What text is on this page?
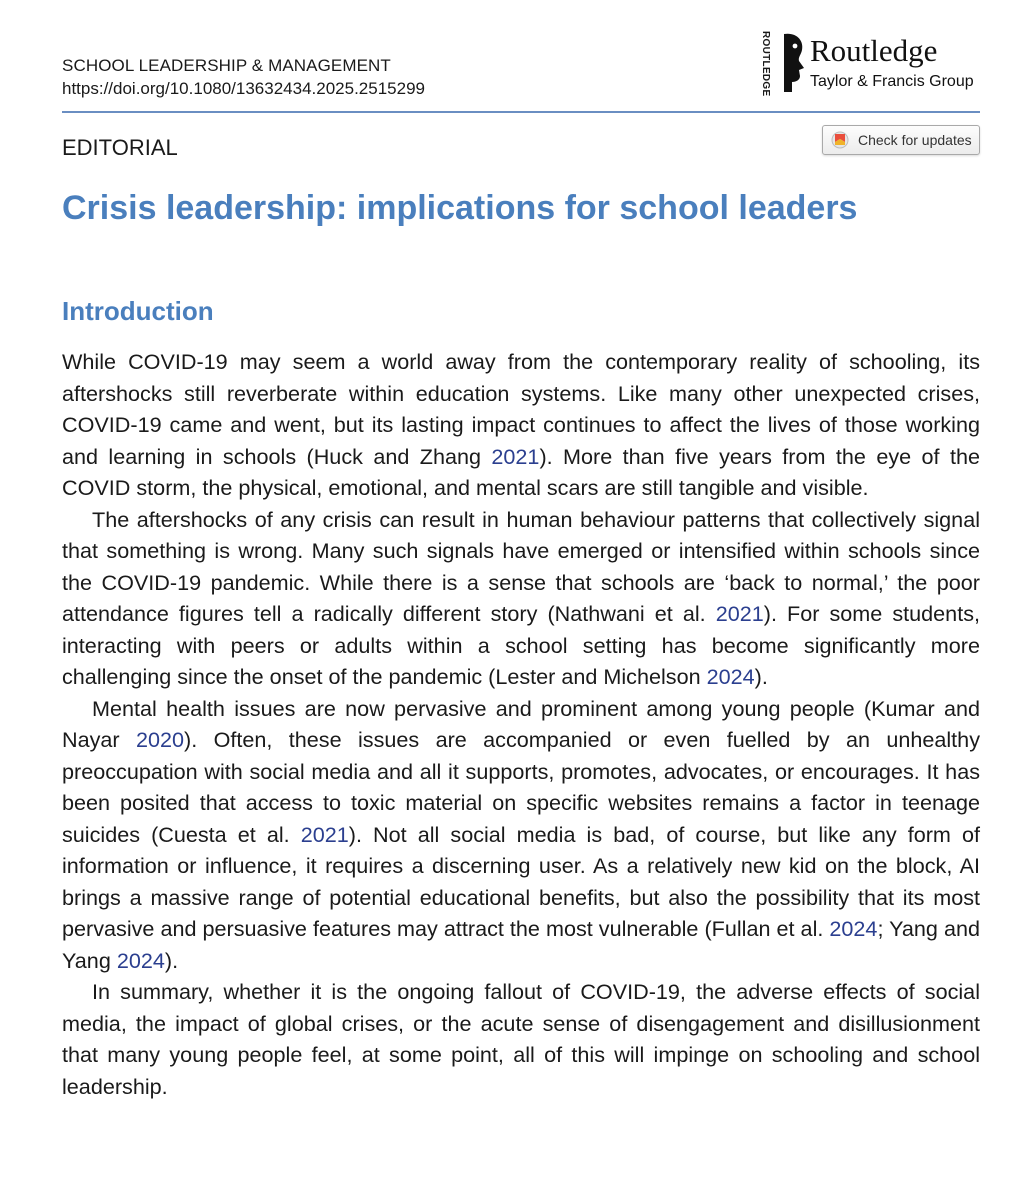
SCHOOL LEADERSHIP & MANAGEMENT
https://doi.org/10.1080/13632434.2025.2515299	ROUTLEDGE Routledge
Taylor & Francis Group
EDITORIAL	Check for updates
Crisis leadership: implications for school leaders
Introduction

While COVID-19 may seem a world away from the contemporary reality of schooling, its aftershocks still reverberate within education systems. Like many other unexpected crises, COVID-19 came and went, but its lasting impact continues to affect the lives of those working and learning in schools (Huck and Zhang 2021). More than five years from the eye of the COVID storm, the physical, emotional, and mental scars are still tangible and visible.

The aftershocks of any crisis can result in human behaviour patterns that collectively signal that something is wrong. Many such signals have emerged or intensified within schools since the COVID-19 pandemic. While there is a sense that schools are ‘back to normal,’ the poor attendance figures tell a radically different story (Nathwani et al. 2021). For some students, interacting with peers or adults within a school setting has become significantly more challenging since the onset of the pandemic (Lester and Michelson 2024).

Mental health issues are now pervasive and prominent among young people (Kumar and Nayar 2020). Often, these issues are accompanied or even fuelled by an unhealthy preoccupation with social media and all it supports, promotes, advocates, or encourages. It has been posited that access to toxic material on specific websites remains a factor in teenage suicides (Cuesta et al. 2021). Not all social media is bad, of course, but like any form of information or influence, it requires a discerning user. As a relatively new kid on the block, AI brings a massive range of potential educational benefits, but also the possibility that its most pervasive and persuasive features may attract the most vulnerable (Fullan et al. 2024; Yang and Yang 2024).

In summary, whether it is the ongoing fallout of COVID-19, the adverse effects of social media, the impact of global crises, or the acute sense of disengagement and disillusionment that many young people feel, at some point, all of this will impinge on schooling and school leadership.
